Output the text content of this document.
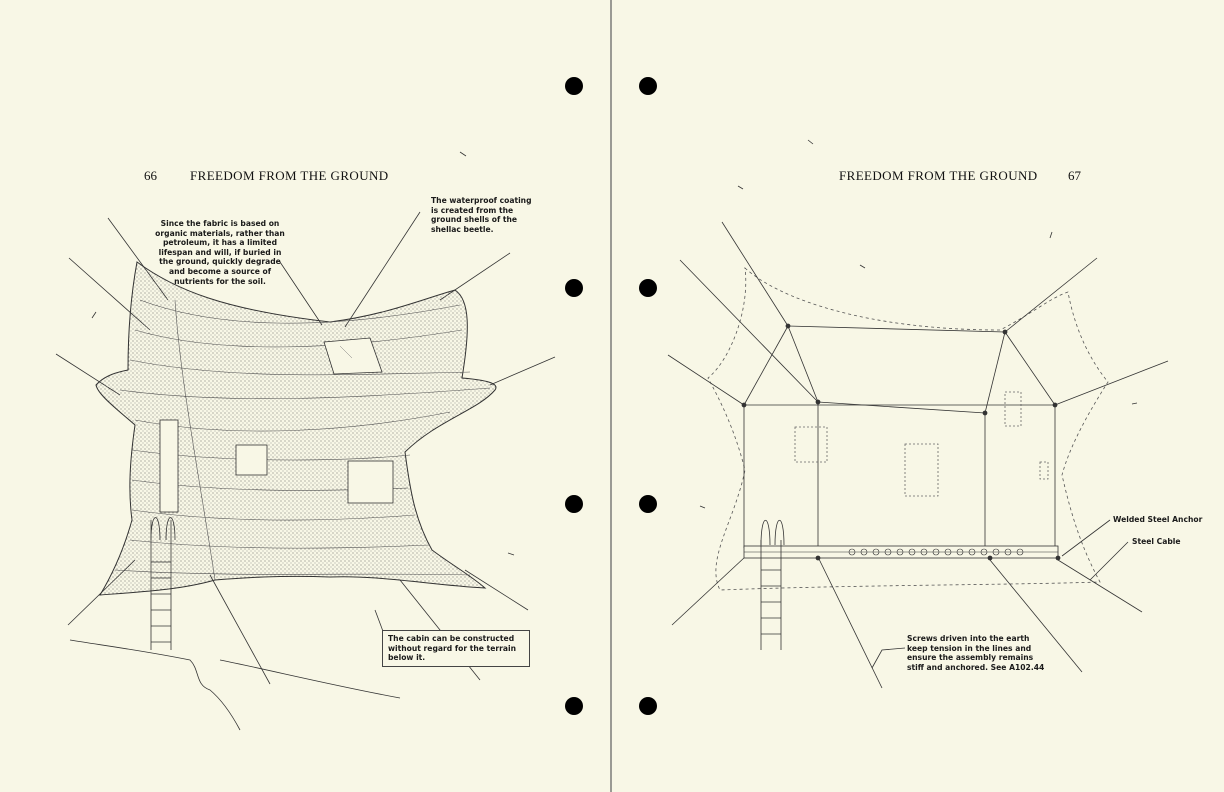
66	FREEDOM FROM THE GROUND	FREEDOM FROM THE GROUND 67
Since the fabric is based on organic materials, rather than petroleum, it has a limited lifespan and will, if buried in the ground, quickly degrade and become a source of nutrients for the soil.
The waterproof coating is created from the ground shells of the shellac beetle.
The cabin can be constructed without regard for the terrain below it.
Welded Steel Anchor
Steel Cable
Screws driven into the earth keep tension in the lines and ensure the assembly remains stiff and anchored. See A102.44
